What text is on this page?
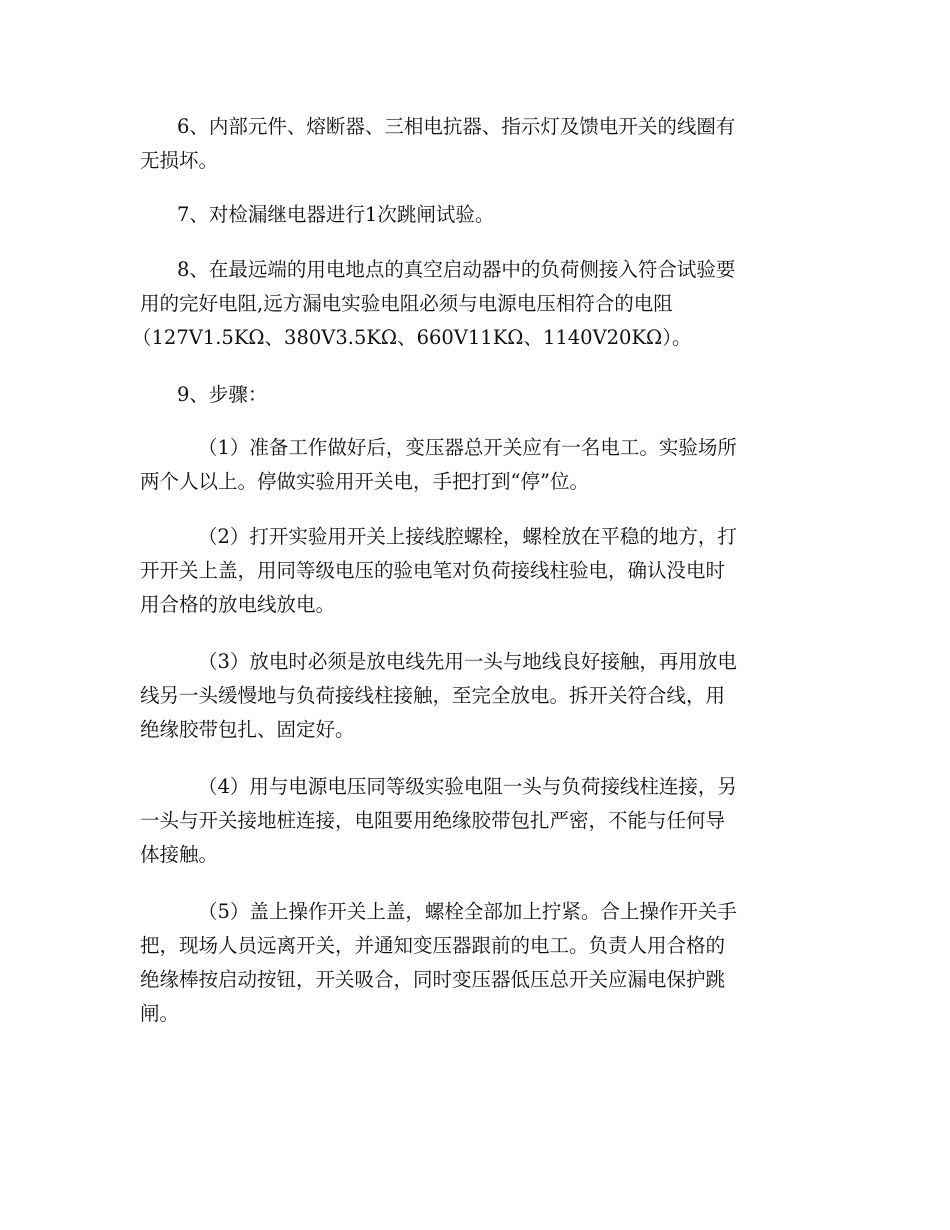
6、内部元件、熔断器、三相电抗器、指示灯及馈电开关的线圈有
无损坏。

7、对检漏继电器进行1次跳闸试验。

8、在最远端的用电地点的真空启动器中的负荷侧接入符合试验要
用的完好电阻,远方漏电实验电阻必须与电源电压相符合的电阻
（127V1.5KΩ、380V3.5KΩ、660V11KΩ、1140V20KΩ）。

9、步骤：

（1）准备工作做好后，变压器总开关应有一名电工。实验场所
两个人以上。停做实验用开关电，手把打到“停”位。

（2）打开实验用开关上接线腔螺栓，螺栓放在平稳的地方，打
开开关上盖，用同等级电压的验电笔对负荷接线柱验电，确认没电时
用合格的放电线放电。

（3）放电时必须是放电线先用一头与地线良好接触，再用放电
线另一头缓慢地与负荷接线柱接触，至完全放电。拆开关符合线，用
绝缘胶带包扎、固定好。

（4）用与电源电压同等级实验电阻一头与负荷接线柱连接，另
一头与开关接地桩连接，电阻要用绝缘胶带包扎严密，不能与任何导
体接触。

（5）盖上操作开关上盖，螺栓全部加上拧紧。合上操作开关手
把，现场人员远离开关，并通知变压器跟前的电工。负责人用合格的
绝缘棒按启动按钮，开关吸合，同时变压器低压总开关应漏电保护跳
闸。
